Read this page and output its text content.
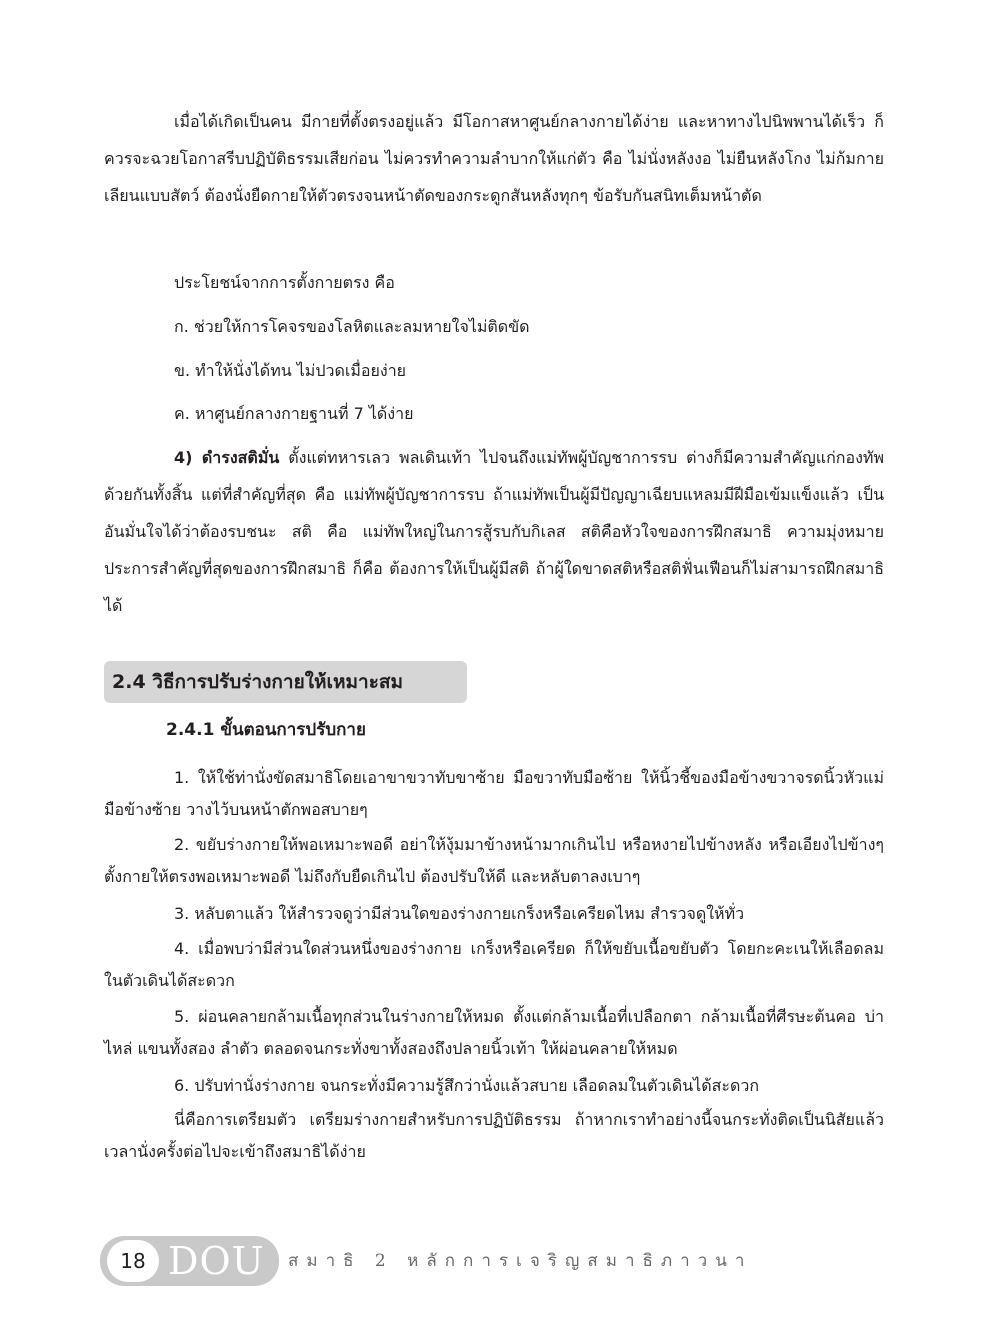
เมื่อได้เกิดเป็นคน มีกายที่ตั้งตรงอยู่แล้ว มีโอกาสหาศูนย์กลางกายได้ง่าย และหาทางไปนิพพานได้เร็ว ก็ควรจะฉวยโอกาสรีบปฏิบัติธรรมเสียก่อน ไม่ควรทำความลำบากให้แก่ตัว คือ ไม่นั่งหลังงอ ไม่ยืนหลังโกง ไม่ก้มกายเลียนแบบสัตว์ ต้องนั่งยืดกายให้ตัวตรงจนหน้าตัดของกระดูกสันหลังทุกๆ ข้อรับกันสนิทเต็มหน้าตัด

ประโยชน์จากการตั้งกายตรง คือ
ก. ช่วยให้การโคจรของโลหิตและลมหายใจไม่ติดขัด
ข. ทำให้นั่งได้ทน ไม่ปวดเมื่อยง่าย
ค. หาศูนย์กลางกายฐานที่ 7 ได้ง่าย

4) ดำรงสติมั่น ตั้งแต่ทหารเลว พลเดินเท้า ไปจนถึงแม่ทัพผู้บัญชาการรบ ต่างก็มีความสำคัญแก่กองทัพด้วยกันทั้งสิ้น แต่ที่สำคัญที่สุด คือ แม่ทัพผู้บัญชาการรบ ถ้าแม่ทัพเป็นผู้มีปัญญาเฉียบแหลมมีฝีมือเข้มแข็งแล้ว เป็นอันมั่นใจได้ว่าต้องรบชนะ สติ คือ แม่ทัพใหญ่ในการสู้รบกับกิเลส สติคือหัวใจของการฝึกสมาธิ ความมุ่งหมายประการสำคัญที่สุดของการฝึกสมาธิ ก็คือ ต้องการให้เป็นผู้มีสติ ถ้าผู้ใดขาดสติหรือสติฟั่นเฟือนก็ไม่สามารถฝึกสมาธิได้

2.4 วิธีการปรับร่างกายให้เหมาะสม
2.4.1 ขั้นตอนการปรับกาย

1. ให้ใช้ท่านั่งขัดสมาธิโดยเอาขาขวาทับขาซ้าย มือขวาทับมือซ้าย ให้นิ้วชี้ของมือข้างขวาจรดนิ้วหัวแม่มือข้างซ้าย วางไว้บนหน้าตักพอสบายๆ

2. ขยับร่างกายให้พอเหมาะพอดี อย่าให้งุ้มมาข้างหน้ามากเกินไป หรือหงายไปข้างหลัง หรือเอียงไปข้างๆ ตั้งกายให้ตรงพอเหมาะพอดี ไม่ถึงกับยืดเกินไป ต้องปรับให้ดี และหลับตาลงเบาๆ

3. หลับตาแล้ว ให้สำรวจดูว่ามีส่วนใดของร่างกายเกร็งหรือเครียดไหม สำรวจดูให้ทั่ว

4. เมื่อพบว่ามีส่วนใดส่วนหนึ่งของร่างกาย เกร็งหรือเครียด ก็ให้ขยับเนื้อขยับตัว โดยกะคะเนให้เลือดลมในตัวเดินได้สะดวก

5. ผ่อนคลายกล้ามเนื้อทุกส่วนในร่างกายให้หมด ตั้งแต่กล้ามเนื้อที่เปลือกตา กล้ามเนื้อที่ศีรษะต้นคอ บ่า ไหล่ แขนทั้งสอง ลำตัว ตลอดจนกระทั่งขาทั้งสองถึงปลายนิ้วเท้า ให้ผ่อนคลายให้หมด

6. ปรับท่านั่งร่างกาย จนกระทั่งมีความรู้สึกว่านั่งแล้วสบาย เลือดลมในตัวเดินได้สะดวก

นี่คือการเตรียมตัว เตรียมร่างกายสำหรับการปฏิบัติธรรม ถ้าหากเราทำอย่างนี้จนกระทั่งติดเป็นนิสัยแล้ว เวลานั่งครั้งต่อไปจะเข้าถึงสมาธิได้ง่าย

18 DOU สมาธิ 2 หลักการเจริญสมาธิภาวนา
